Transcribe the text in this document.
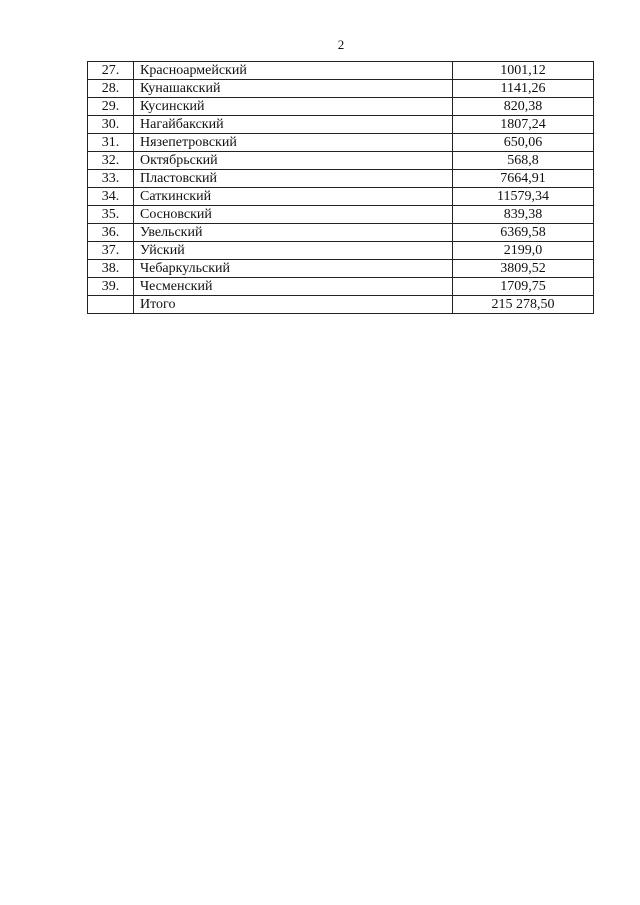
2
27.	Красноармейский	1001,12
28.	Кунашакский	1141,26
29.	Кусинский	820,38
30.	Нагайбакский	1807,24
31.	Нязепетровский	650,06
32.	Октябрьский	568,8
33.	Пластовский	7664,91
34.	Саткинский	11579,34
35.	Сосновский	839,38
36.	Увельский	6369,58
37.	Уйский	2199,0
38.	Чебаркульский	3809,52
39.	Чесменский	1709,75
	Итого	215 278,50
